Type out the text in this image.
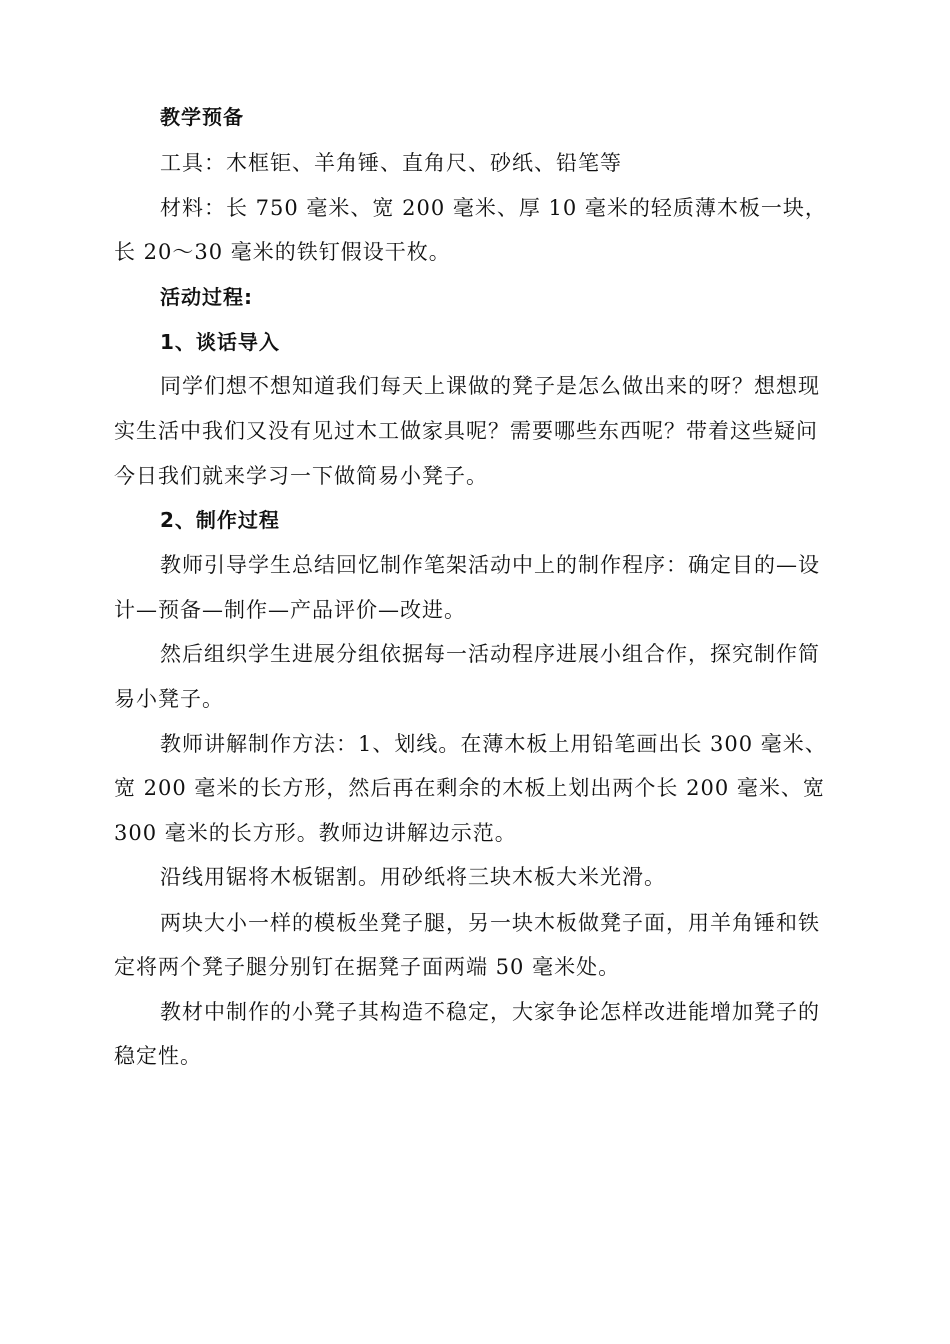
教学预备
工具：木框钜、羊角锤、直角尺、砂纸、铅笔等
材料：长 750 毫米、宽 200 毫米、厚 10 毫米的轻质薄木板一块，
长 20～30 毫米的铁钉假设干枚。
活动过程:
1、谈话导入
同学们想不想知道我们每天上课做的凳子是怎么做出来的呀？想想现
实生活中我们又没有见过木工做家具呢？需要哪些东西呢？带着这些疑问
今日我们就来学习一下做简易小凳子。
2、制作过程
教师引导学生总结回忆制作笔架活动中上的制作程序：确定目的—设
计—预备—制作—产品评价—改进。
然后组织学生进展分组依据每一活动程序进展小组合作，探究制作简
易小凳子。
教师讲解制作方法：1、划线。在薄木板上用铅笔画出长 300 毫米、
宽 200 毫米的长方形，然后再在剩余的木板上划出两个长 200 毫米、宽
300 毫米的长方形。教师边讲解边示范。
沿线用锯将木板锯割。用砂纸将三块木板大米光滑。
两块大小一样的模板坐凳子腿，另一块木板做凳子面，用羊角锤和铁
定将两个凳子腿分别钉在据凳子面两端 50 毫米处。
教材中制作的小凳子其构造不稳定，大家争论怎样改进能增加凳子的
稳定性。
